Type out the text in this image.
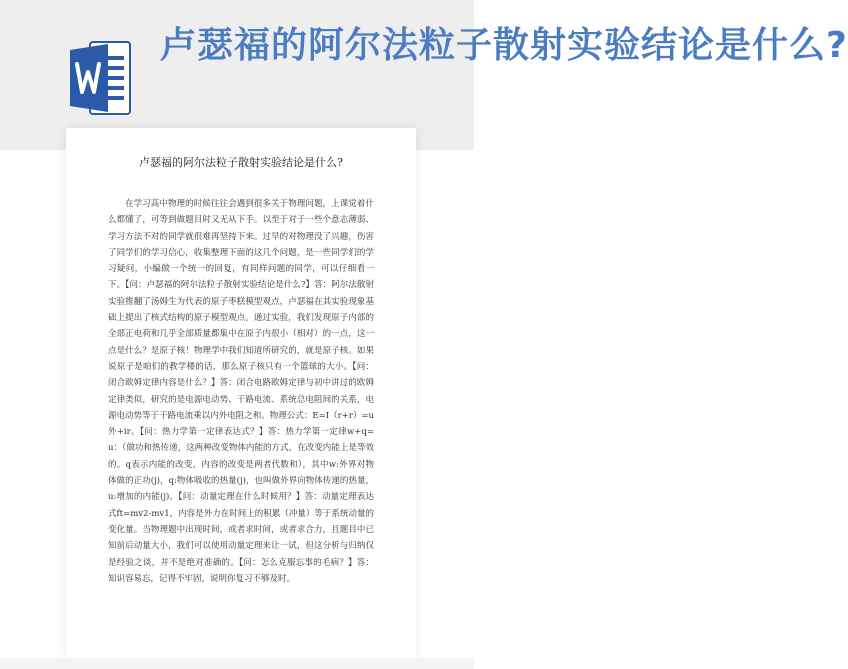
卢瑟福的阿尔法粒子散射实验结论是什么?
卢瑟福的阿尔法粒子散射实验结论是什么?

在学习高中物理的时候往往会遇到很多关于物理问题，上课觉着什么都懂了，可等到做题目时又无从下手。以至于对于一些个意志薄弱、学习方法不对的同学就很难再坚持下来。过早的对物理没了兴趣，伤害了同学们的学习信心，收集整理下面的这几个问题，是一些同学们的学习疑问，小编做一个统一的回复，有同样问题的同学，可以仔细看一下。【问：卢瑟福的阿尔法粒子散射实验结论是什么?】答：阿尔法散射实验推翻了汤姆生为代表的原子枣糕模型观点，卢瑟福在其实验现象基础上提出了核式结构的原子模型观点。通过实验，我们发现原子内部的全部正电荷和几乎全部质量都集中在原子内很小（相对）的一点，这一点是什么？是原子核！物理学中我们知道所研究的，就是原子核。如果说原子是咱们的教学楼的话，那么原子核只有一个篮球的大小。【问：闭合欧姆定律内容是什么？】答：闭合电路欧姆定律与初中讲过的欧姆定律类似，研究的是电源电动势、干路电流、系统总电阻间的关系，电源电动势等于干路电流乘以内外电阻之和。物理公式：E=I（r+r）=u外+ir。【问：热力学第一定律表达式？】答：热力学第一定律w+q=u：（做功和热传递，这两种改变物体内能的方式，在改变内能上是等效的。q表示内能的改变，内容的改变是两者代数和），其中w:外界对物体做的正功(j)，q:物体吸收的热量(j)，也叫做外界向物体传递的热量，u:增加的内能(j)。【问：动量定理在什么时候用？】答：动量定理表达式ft=mv2-mv1，内容是外力在时间上的积累（冲量）等于系统动量的变化量。当物理题中出现时间，或者求时间，或者求合力，且题目中已知前后动量大小，我们可以使用动量定理来让一试，但这分析与归纳仅是经验之谈，并不是绝对准确的。【问：怎么克服忘事的毛病？】答：知识容易忘，记得不牢固，说明你复习不够及时。
